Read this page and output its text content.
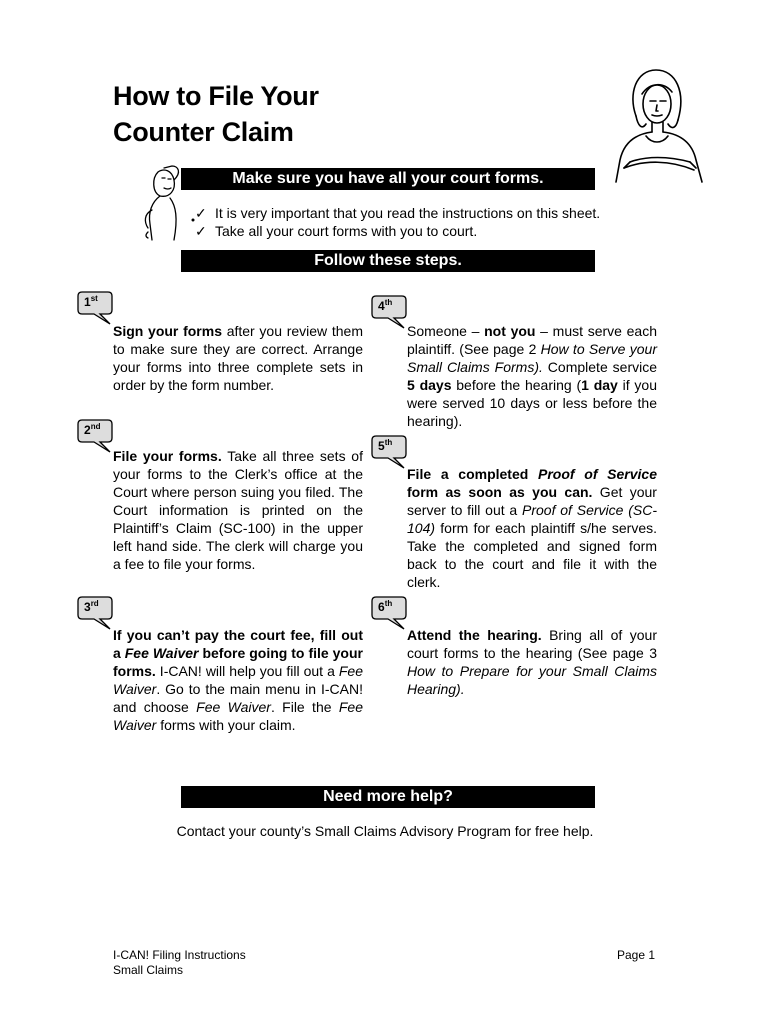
How to File Your
Counter Claim
Make sure you have all your court forms.
✓ It is very important that you read the instructions on this sheet.
✓ Take all your court forms with you to court.
Follow these steps.
1st
2nd
3rd
4th
5th
6th
Sign your forms after you review them to make sure they are correct. Arrange your forms into three complete sets in order by the form number.
File your forms. Take all three sets of your forms to the Clerk’s office at the Court where person suing you filed. The Court information is printed on the Plaintiff’s Claim (SC-100) in the upper left hand side. The clerk will charge you a fee to file your forms.
If you can’t pay the court fee, fill out a Fee Waiver before going to file your forms. I-CAN! will help you fill out a Fee Waiver. Go to the main menu in I-CAN! and choose Fee Waiver. File the Fee Waiver forms with your claim.
Someone – not you – must serve each plaintiff. (See page 2 How to Serve your Small Claims Forms). Complete service 5 days before the hearing (1 day if you were served 10 days or less before the hearing).
File a completed Proof of Service form as soon as you can. Get your server to fill out a Proof of Service (SC-104) form for each plaintiff s/he serves. Take the completed and signed form back to the court and file it with the clerk.
Attend the hearing. Bring all of your court forms to the hearing (See page 3 How to Prepare for your Small Claims Hearing).
Need more help?
Contact your county’s Small Claims Advisory Program for free help.
I-CAN! Filing Instructions
Small Claims
Page 1
